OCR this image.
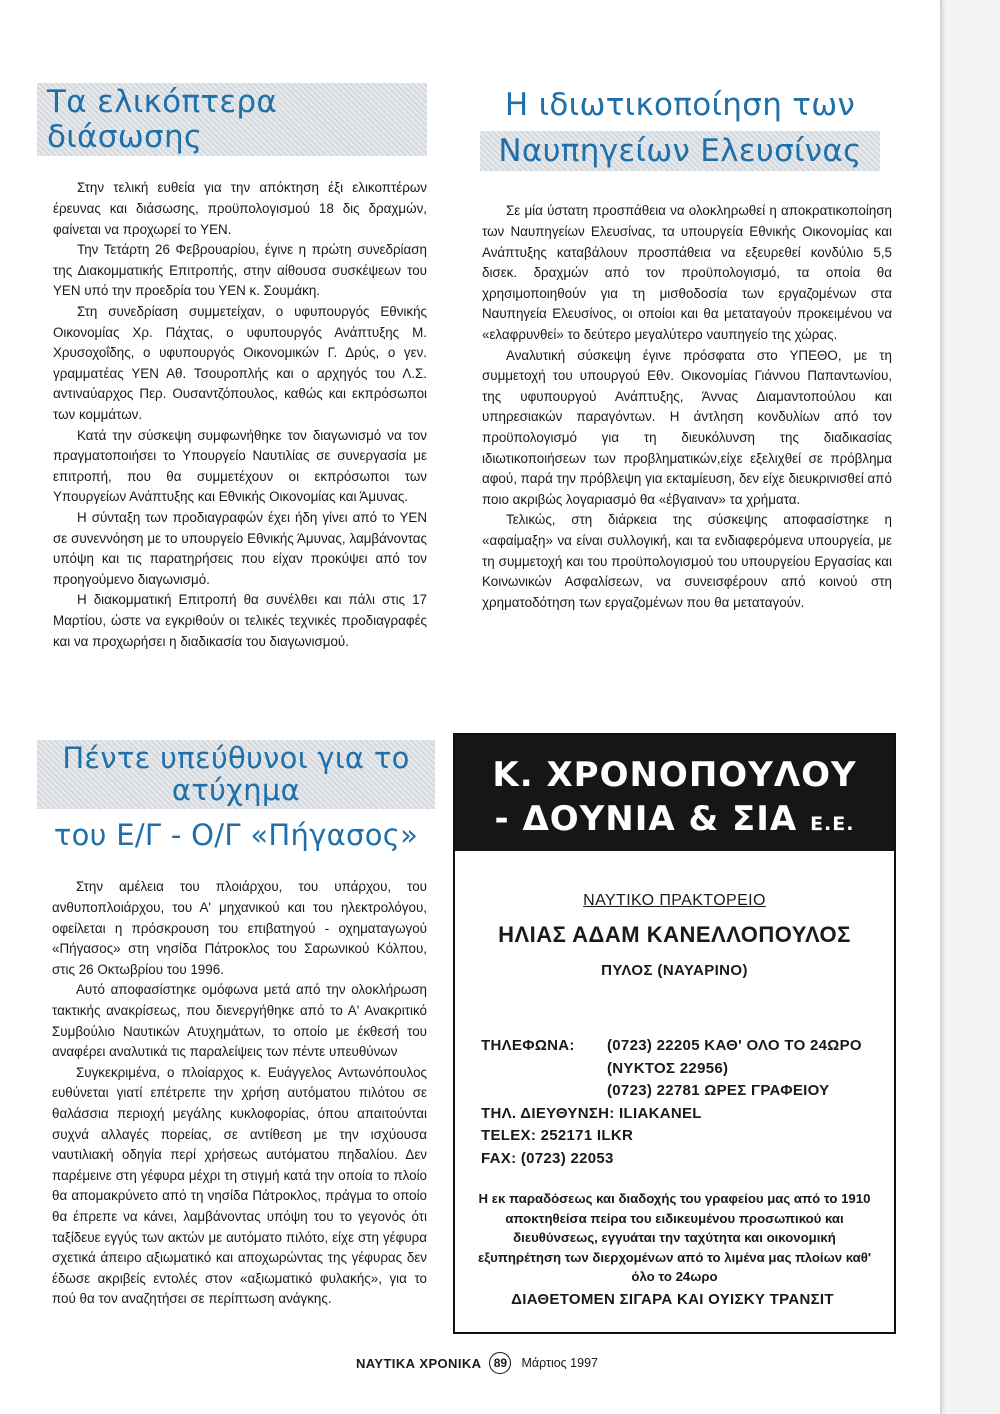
Τα ελικόπτερα διάσωσης

Στην τελική ευθεία για την απόκτηση έξι ελικοπτέρων έρευνας και διάσωσης, προϋπολογισμού 18 δις δραχμών, φαίνεται να προχωρεί το ΥΕΝ.

Την Τετάρτη 26 Φεβρουαρίου, έγινε η πρώτη συνεδρίαση της Διακομματικής Επιτροπής, στην αίθουσα συσκέψεων του ΥΕΝ υπό την προεδρία του ΥΕΝ κ. Σουμάκη.

Στη συνεδρίαση συμμετείχαν, ο υφυπουργός Εθνικής Οικονομίας Χρ. Πάχτας, ο υφυπουργός Ανάπτυξης Μ. Χρυσοχοΐδης, ο υφυπουργός Οικονομικών Γ. Δρύς, ο γεν. γραμματέας ΥΕΝ Αθ. Τσουροπλής και ο αρχηγός του Λ.Σ. αντιναύαρχος Περ. Ουσαντζόπουλος, καθώς και εκπρόσωποι των κομμάτων.

Κατά την σύσκεψη συμφωνήθηκε τον διαγωνισμό να τον πραγματοποιήσει το Υπουργείο Ναυτιλίας σε συνεργασία με επιτροπή, που θα συμμετέχουν οι εκπρόσωποι των Υπουργείων Ανάπτυξης και Εθνικής Οικονομίας και Άμυνας.

Η σύνταξη των προδιαγραφών έχει ήδη γίνει από το ΥΕΝ σε συνεννόηση με το υπουργείο Εθνικής Άμυνας, λαμβάνοντας υπόψη και τις παρατηρήσεις που είχαν προκύψει από τον προηγούμενο διαγωνισμό.

Η διακομματική Επιτροπή θα συνέλθει και πάλι στις 17 Μαρτίου, ώστε να εγκριθούν οι τελικές τεχνικές προδιαγραφές και να προχωρήσει η διαδικασία του διαγωνισμού.

Η ιδιωτικοποίηση των
Ναυπηγείων Ελευσίνας

Σε μία ύστατη προσπάθεια να ολοκληρωθεί η αποκρατικοποίηση των Ναυπηγείων Ελευσίνας, τα υπουργεία Εθνικής Οικονομίας και Ανάπτυξης καταβάλουν προσπάθεια να εξευρεθεί κονδύλιο 5,5 δισεκ. δραχμών από τον προϋπολογισμό, τα οποία θα χρησιμοποιηθούν για τη μισθοδοσία των εργαζομένων στα Ναυπηγεία Ελευσίνος, οι οποίοι και θα μεταταγούν προκειμένου να «ελαφρυνθεί» το δεύτερο μεγαλύτερο ναυπηγείο της χώρας.

Αναλυτική σύσκεψη έγινε πρόσφατα στο ΥΠΕΘΟ, με τη συμμετοχή του υπουργού Εθν. Οικονομίας Γιάννου Παπαντωνίου, της υφυπουργού Ανάπτυξης, Άννας Διαμαντοπούλου και υπηρεσιακών παραγόντων. Η άντληση κονδυλίων από τον προϋπολογισμό για τη διευκόλυνση της διαδικασίας ιδιωτικοποιήσεων των προβληματικών,είχε εξελιχθεί σε πρόβλημα αφού, παρά την πρόβλεψη για εκταμίευση, δεν είχε διευκρινισθεί από ποιο ακριβώς λογαριασμό θα «έβγαιναν» τα χρήματα.

Τελικώς, στη διάρκεια της σύσκεψης αποφασίστηκε η «αφαίμαξη» να είναι συλλογική, και τα ενδιαφερόμενα υπουργεία, με τη συμμετοχή και του προϋπολογισμού του υπουργείου Εργασίας και Κοινωνικών Ασφαλίσεων, να συνεισφέρουν από κοινού στη χρηματοδότηση των εργαζομένων που θα μεταταγούν.

Πέντε υπεύθυνοι για το ατύχημα
του Ε/Γ - Ο/Γ «Πήγασος»

Στην αμέλεια του πλοιάρχου, του υπάρχου, του ανθυποπλοιάρχου, του Α' μηχανικού και του ηλεκτρολόγου, οφείλεται η πρόσκρουση του επιβατηγού - οχηματαγωγού «Πήγασος» στη νησίδα Πάτροκλος του Σαρωνικού Κόλπου, στις 26 Οκτωβρίου του 1996.

Αυτό αποφασίστηκε ομόφωνα μετά από την ολοκλήρωση τακτικής ανακρίσεως, που διενεργήθηκε από το Α' Ανακριτικό Συμβούλιο Ναυτικών Ατυχημάτων, το οποίο με έκθεσή του αναφέρει αναλυτικά τις παραλείψεις των πέντε υπευθύνων

Συγκεκριμένα, ο πλοίαρχος κ. Ευάγγελος Αντωνόπουλος ευθύνεται γιατί επέτρεπε την χρήση αυτόματου πιλότου σε θαλάσσια περιοχή μεγάλης κυκλοφορίας, όπου απαιτούνται συχνά αλλαγές πορείας, σε αντίθεση με την ισχύουσα ναυτιλιακή οδηγία περί χρήσεως αυτόματου πηδαλίου. Δεν παρέμεινε στη γέφυρα μέχρι τη στιγμή κατά την οποία το πλοίο θα απομακρύνετο από τη νησίδα Πάτροκλος, πράγμα το οποίο θα έπρεπε να κάνει, λαμβάνοντας υπόψη του το γεγονός ότι ταξίδευε εγγύς των ακτών με αυτόματο πιλότο, είχε στη γέφυρα σχετικά άπειρο αξιωματικό και αποχωρώντας της γέφυρας δεν έδωσε ακριβείς εντολές στον «αξιωματικό φυλακής», για το πού θα τον αναζητήσει σε περίπτωση ανάγκης.

Κ. ΧΡΟΝΟΠΟΥΛΟΥ
- ΔΟΥΝΙΑ & ΣΙΑ Ε.Ε.
ΝΑΥΤΙΚΟ ΠΡΑΚΤΟΡΕΙΟ
ΗΛΙΑΣ ΑΔΑΜ ΚΑΝΕΛΛΟΠΟΥΛΟΣ
ΠΥΛΟΣ (ΝΑΥΑΡΙΝΟ)
ΤΗΛΕΦΩΝΑ: (0723) 22205 ΚΑΘ' ΟΛΟ ΤΟ 24ΩΡΟ
(ΝΥΚΤΟΣ 22956)
(0723) 22781 ΩΡΕΣ ΓΡΑΦΕΙΟΥ
ΤΗΛ. ΔΙΕΥΘΥΝΣΗ: ILIAKANEL
TELEX: 252171 ILKR
FAX: (0723) 22053
Η εκ παραδόσεως και διαδοχής του γραφείου μας από το 1910 αποκτηθείσα πείρα του ειδικευμένου προσωπικού και διευθύνσεως, εγγυάται την ταχύτητα και οικονομική εξυπηρέτηση των διερχομένων από το λιμένα μας πλοίων καθ' όλο το 24ωρο
ΔΙΑΘΕΤΟΜΕΝ ΣΙΓΑΡΑ ΚΑΙ ΟΥΙΣΚΥ ΤΡΑΝΣΙΤ
ΝΑΥΤΙΚΑ ΧΡΟΝΙΚΑ	89	Μάρτιος 1997
